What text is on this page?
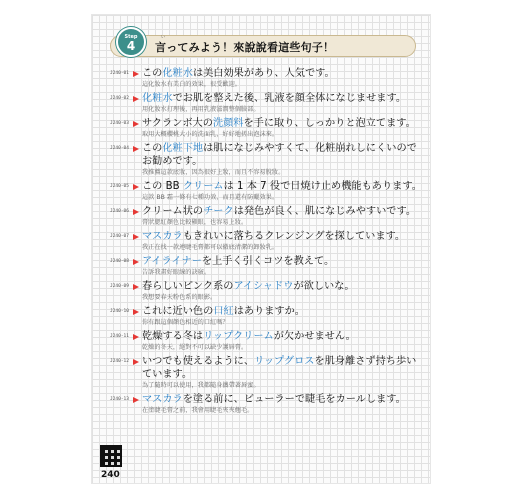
Step
4
い
言ってみよう！來說說看這些句子！
J240-01 この化粧水は美白効果があり、人気です。
這化妝水有美白的效果，很受歡迎。
J240-02 化粧水でお肌を整えた後、乳液を顔全体になじませます。
用化妝水打理後，再用乳液滋潤整個臉部。
J240-03 サクランボ大の洗顔料を手に取り、しっかりと泡立てます。
取用大概櫻桃大小的洗面乳，好好地搓出泡沫來。
J240-04 この化粧下地は肌になじみやすくて、化粧崩れしにくいのでお勧めです。
我推薦這款底妝，因為很好上妝，而且不容易脫妝。
J240-05 この BB クリームは 1 本 7 役で日焼け止め機能もあります。
這款 BB 霜一條有七種功效，而且還有防曬效果。
J240-06 クリーム状のチークは発色が良く、肌になじみやすいです。
膏狀腮紅顏色比較顯眼，也容易上妝。
J240-07 マスカラもきれいに落ちるクレンジングを探しています。
我正在找一款連睫毛膏都可以徹底清潔的卸妝乳。
J240-08 アイライナーを上手く引くコツを教えて。
告訴我畫好眼線的訣竅。
J240-09 春らしいピンク系のアイシャドウが欲しいな。
我想要春天粉色系的眼影。
J240-10 これに近い色の口紅はありますか。
你有跟這個顏色相近的口紅嗎？
J240-11 乾燥する冬はリップクリームが欠かせません。
乾燥的冬天，絕對不可以缺少護唇膏。
J240-12 いつでも使えるように、リップグロスを肌身離さず持ち歩いています。
為了隨時可以使用，我都隨身攜帶著唇蜜。
J240-13 マスカラを塗る前に、ビューラーで睫毛をカールします。
在塗睫毛膏之前，我會用睫毛夾夾翹毛。
240
